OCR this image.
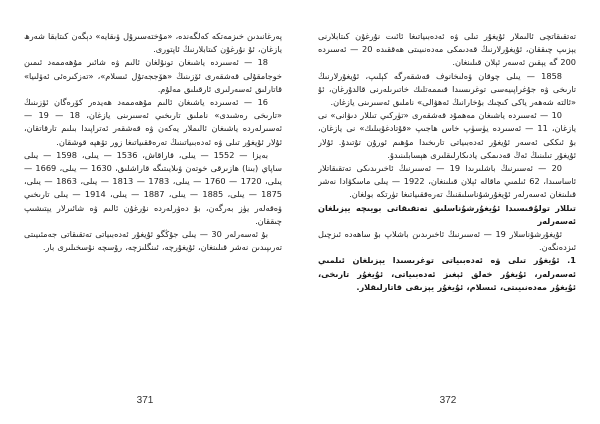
پەرغانىدىن خىزمەتكە كەلگەندە، «مۇختەسىرۇل ۋىقايە» دېگەن كىتابقا شەرھ يازغان، ئۇ نۇرغۇن كىتابلارنىڭ ئاپتورى.

18 — ئەسىردە ياشىغان تونۇلغان ئالىم ۋە شائىر مۇھەممەد ئىمىن خوجامقۇلى قەشقەرى ئۆزىنىڭ «ھۆججەتۇل ئىسلام»، «تەزكىرەئى ئەۋلىيا» قاتارلىق ئەسەرلىرى ئارقىلىق مەلۇم.

16 — ئەسىردە ياشىغان ئالىم مۇھەممەد ھەيدەر كۆرەگان ئۆزىنىڭ «تارىخى رەشىدى» ناملىق تارىخىي ئەسىرىنى يازغان، 18 — 19 — ئەسىرلەردە ياشىغان ئالىملار يەكەن ۋە قەشقەر ئەتراپىدا بىلىم تارقاتقان، ئۇلار ئۇيغۇر تىلى ۋە ئەدەبىياتىنىڭ تەرەققىياتىغا زور تۆھپە قوشقان.

بەيزا — 1552 — يىلى، قاراقاش، 1536 — يىلى، 1598 — يىلى ساپاي (بىنا) ھازىرقى خوتەن ۋىلايىتىگە قاراشلىق، 1630 — يىلى، 1669 — يىلى، 1720 — 1760 — يىلى، 1783 — 1813 — يىلى، 1863 — يىلى، 1875 — يىلى، 1885 — يىلى، 1887 — يىلى، 1914 — يىلى تارىخىي ۋەقەلەر يۈز بەرگەن، بۇ دەۋرلەردە نۇرغۇن ئالىم ۋە شائىرلار يېتىشىپ چىققان.

بۇ ئەسەرلەر 30 — يىلى جۇڭگو ئۇيغۇر ئەدەبىياتى تەتقىقاتى جەمئىيىتى تەرىپىدىن نەشر قىلىنغان، ئۇيغۇرچە، ئىنگلىزچە، رۇسچە نۇسخىلىرى بار.

371

تەتقىقاتچى ئالىملار ئۇيغۇر تىلى ۋە ئەدەبىياتىغا ئائىت نۇرغۇن كىتابلارنى يېزىپ چىققان، ئۇيغۇرلارنىڭ قەدىمكى مەدەنىيىتى ھەققىدە 20 — ئەسىردە 200 گە يېقىن ئەسەر ئېلان قىلىنغان.

1858 — يىلى چوقان ۋەلىخانوف قەشقەرگە كېلىپ، ئۇيغۇرلارنىڭ تارىخى ۋە جۇغراپىيەسى توغرىسىدا قىممەتلىك خاتىرىلەرنى قالدۇرغان، ئۇ «ئالتە شەھەر ياكى كىچىك بۇخارانىڭ ئەھۋالى» ناملىق ئەسىرىنى يازغان.

10 — ئەسىردە ياشىغان مەھمۇد قەشقەرى «تۈركىي تىللار دىۋانى» نى يازغان، 11 — ئەسىردە يۈسۈپ خاس ھاجىپ «قۇتادغۇبىلىك» نى يازغان، بۇ ئىككى ئەسەر ئۇيغۇر ئەدەبىياتى تارىخىدا مۇھىم ئورۇن تۇتىدۇ. ئۇلار ئۇيغۇر تىلىنىڭ ئەڭ قەدىمكى يادىكارلىقلىرى ھېسابلىنىدۇ.

20 — ئەسىرنىڭ باشلىرىدا 19 — ئەسىرنىڭ ئاخىرىدىكى تەتقىقاتلار ئاساسىدا، 62 ئىلمىي ماقالە ئېلان قىلىنغان، 1922 — يىلى ماسكۋادا نەشر قىلىنغان ئەسەرلەر ئۇيغۇرشۇناسلىقنىڭ تەرەققىياتىغا تۈرتكە بولغان.

تىللار تولۇقىسىدا ئۇيغۇرشۇناسلىق تەتقىقاتى بويىچە يېزىلغان ئەسەرلەر

ئۇيغۇرشۇناسلار 19 — ئەسىرنىڭ ئاخىرىدىن باشلاپ بۇ ساھەدە ئىزچىل ئىزدەنگەن.

1. ئۇيغۇر تىلى ۋە ئەدەبىياتى توغرىسىدا يېزىلغان ئىلمىي ئەسەرلەر، ئۇيغۇر خەلق ئېغىز ئەدەبىياتى، ئۇيغۇر تارىخى، ئۇيغۇر مەدەنىيىتى، ئىسلام، ئۇيغۇر يېزىقى قاتارلىقلار.

372
